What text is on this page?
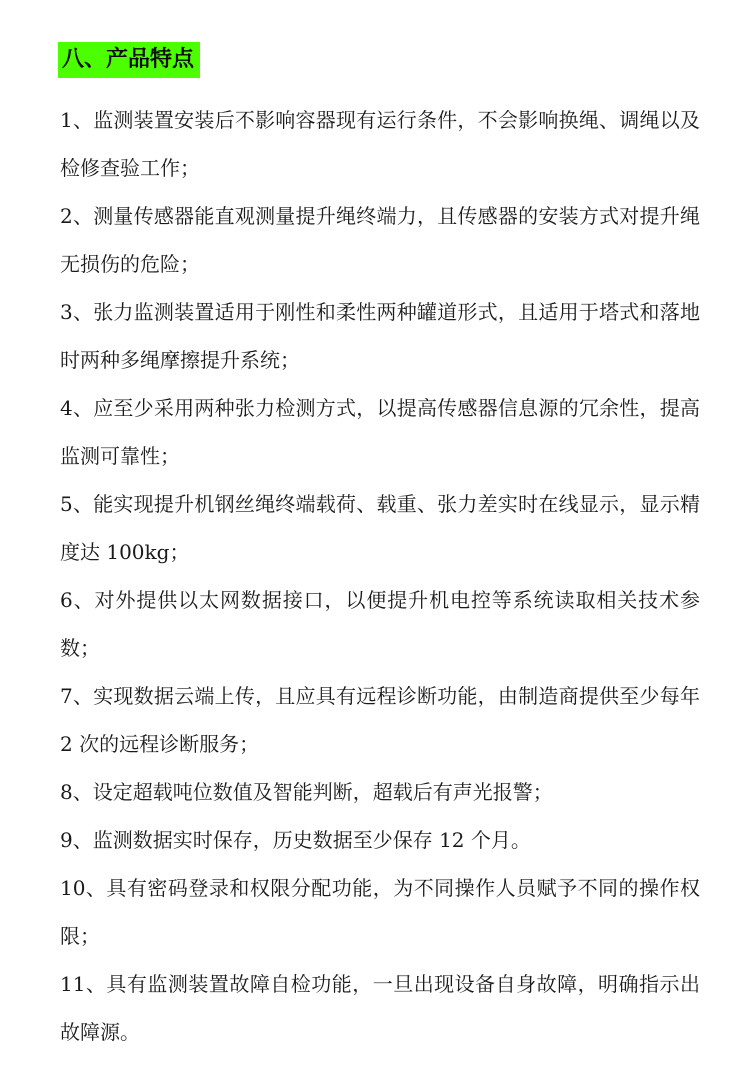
八、产品特点
1、监测装置安装后不影响容器现有运行条件，不会影响换绳、调绳以及检修查验工作；
2、测量传感器能直观测量提升绳终端力，且传感器的安装方式对提升绳无损伤的危险；
3、张力监测装置适用于刚性和柔性两种罐道形式，且适用于塔式和落地时两种多绳摩擦提升系统；
4、应至少采用两种张力检测方式，以提高传感器信息源的冗余性，提高监测可靠性；
5、能实现提升机钢丝绳终端载荷、载重、张力差实时在线显示，显示精度达 100kg；
6、对外提供以太网数据接口，以便提升机电控等系统读取相关技术参数；
7、实现数据云端上传，且应具有远程诊断功能，由制造商提供至少每年 2 次的远程诊断服务；
8、设定超载吨位数值及智能判断，超载后有声光报警；
9、监测数据实时保存，历史数据至少保存 12 个月。
10、具有密码登录和权限分配功能，为不同操作人员赋予不同的操作权限；
11、具有监测装置故障自检功能，一旦出现设备自身故障，明确指示出故障源。
